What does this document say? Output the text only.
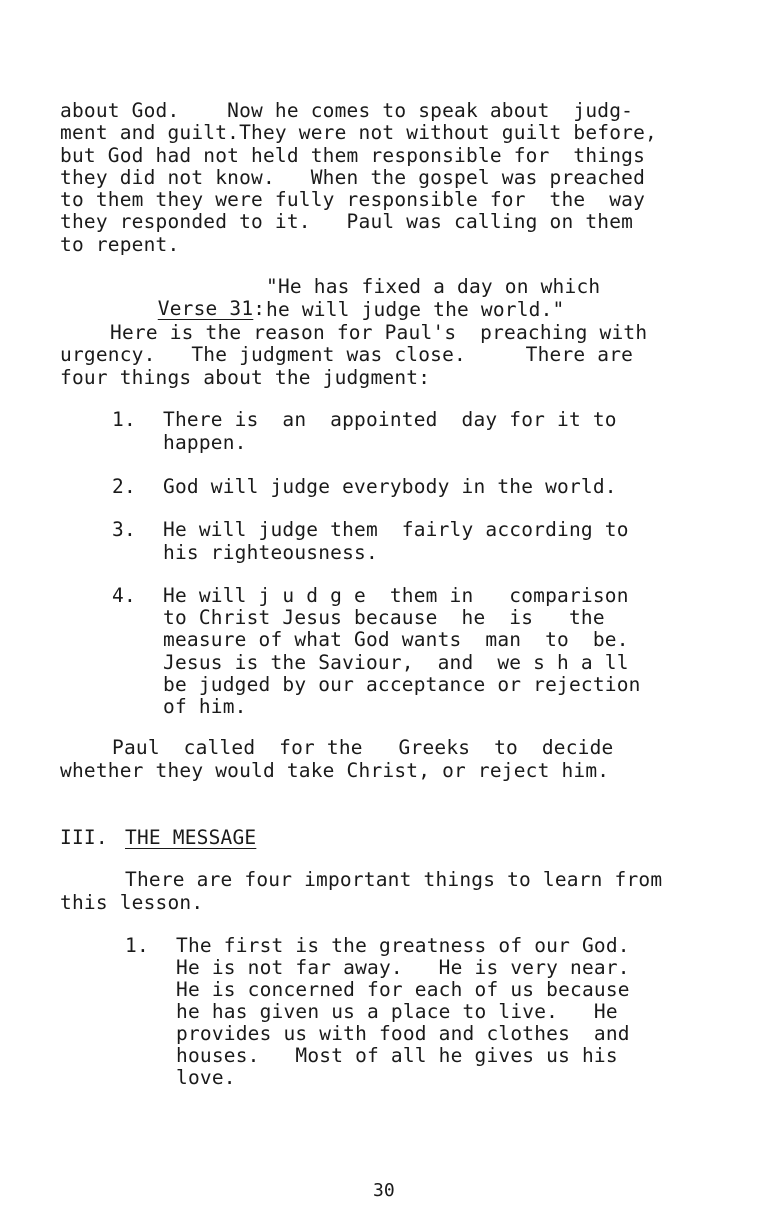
about God.    Now he comes to speak about  judg-
ment and guilt.They were not without guilt before,
but God had not held them responsible for  things
they did not know.   When the gospel was preached
to them they were fully responsible for  the  way
they responded to it.   Paul was calling on them
to repent.

Verse 31:

"He has fixed a day on which
he will judge the world."
Here is the reason for Paul's  preaching with
urgency.   The judgment was close.     There are
four things about the judgment:
1. There is  an  appointed  day for it to
happen.
2. God will judge everybody in the world.
3. He will judge them  fairly according to
his righteousness.
4. He will j u d g e  them in   comparison
to Christ Jesus because  he  is   the
measure of what God wants  man  to  be.
Jesus is the Saviour,  and  we s h a ll
be judged by our acceptance or rejection
of him.
Paul  called  for the   Greeks  to  decide
whether they would take Christ, or reject him.
III. THE MESSAGE
There are four important things to learn from
this lesson.
1. The first is the greatness of our God.
He is not far away.   He is very near.
He is concerned for each of us because
he has given us a place to live.   He
provides us with food and clothes  and
houses.   Most of all he gives us his
love.
30
